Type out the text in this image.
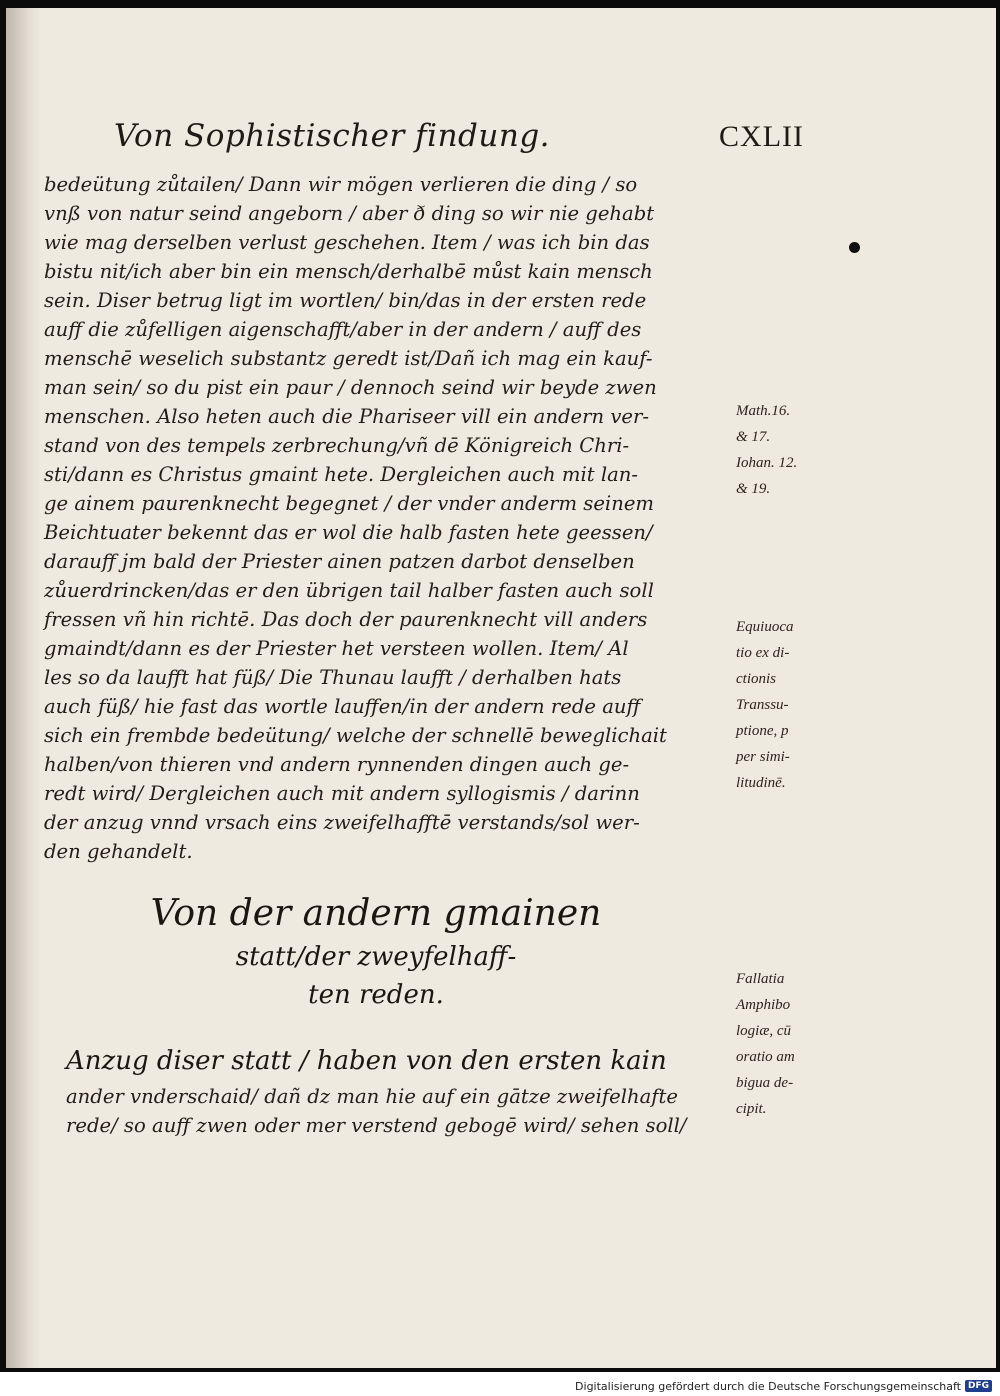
Von Sophistischer findung.	CXLII
bedeütung zůtailen/ Dann wir mögen verlieren die ding / so
vnß von natur seind angeborn / aber ð ding so wir nie gehabt
wie mag derselben verlust geschehen. Item / was ich bin das
bistu nit/ich aber bin ein mensch/derhalbē můst kain mensch
sein. Diser betrug ligt im wortlen/ bin/das in der ersten rede
auff die zůfelligen aigenschafft/aber in der andern / auff des
menschē weselich substantz geredt ist/Dañ ich mag ein kauf-
man sein/ so du pist ein paur / dennoch seind wir beyde zwen
menschen. Also heten auch die Phariseer vill ein andern ver-
stand von des tempels zerbrechung/vñ dē Königreich Chri-
sti/dann es Christus gmaint hete. Dergleichen auch mit lan-
ge ainem paurenknecht begegnet / der vnder anderm seinem
Beichtuater bekennt das er wol die halb fasten hete geessen/
darauff jm bald der Priester ainen patzen darbot denselben
zůuerdrincken/das er den übrigen tail halber fasten auch soll
fressen vñ hin richtē. Das doch der paurenknecht vill anders
gmaindt/dann es der Priester het versteen wollen. Item/ Al
les so da laufft hat füß/ Die Thunau laufft / derhalben hats
auch füß/ hie fast das wortle lauffen/in der andern rede auff
sich ein frembde bedeütung/ welche der schnellē beweglichait
halben/von thieren vnd andern rynnenden dingen auch ge-
redt wird/ Dergleichen auch mit andern syllogismis / darinn
der anzug vnnd vrsach eins zweifelhafftē verstands/sol wer-
den gehandelt.
Von der andern gmainen
statt/der zweyfelhaff-
ten reden.
Anzug diser statt / haben von den ersten kain
ander vnderschaid/ dañ dz man hie auf ein gātze zweifelhafte
rede/ so auff zwen oder mer verstend gebogē wird/ sehen soll/
Math.16.
& 17.
Iohan. 12.
& 19.
Equiuoca
tio ex di-
ctionis
Transsu-
ptione, p
per simi-
litudinē.
Fallatia
Amphibo
logiæ, cū
oratio am
bigua de-
cipit.
Digitalisierung gefördert durch die Deutsche Forschungsgemeinschaft DFG
